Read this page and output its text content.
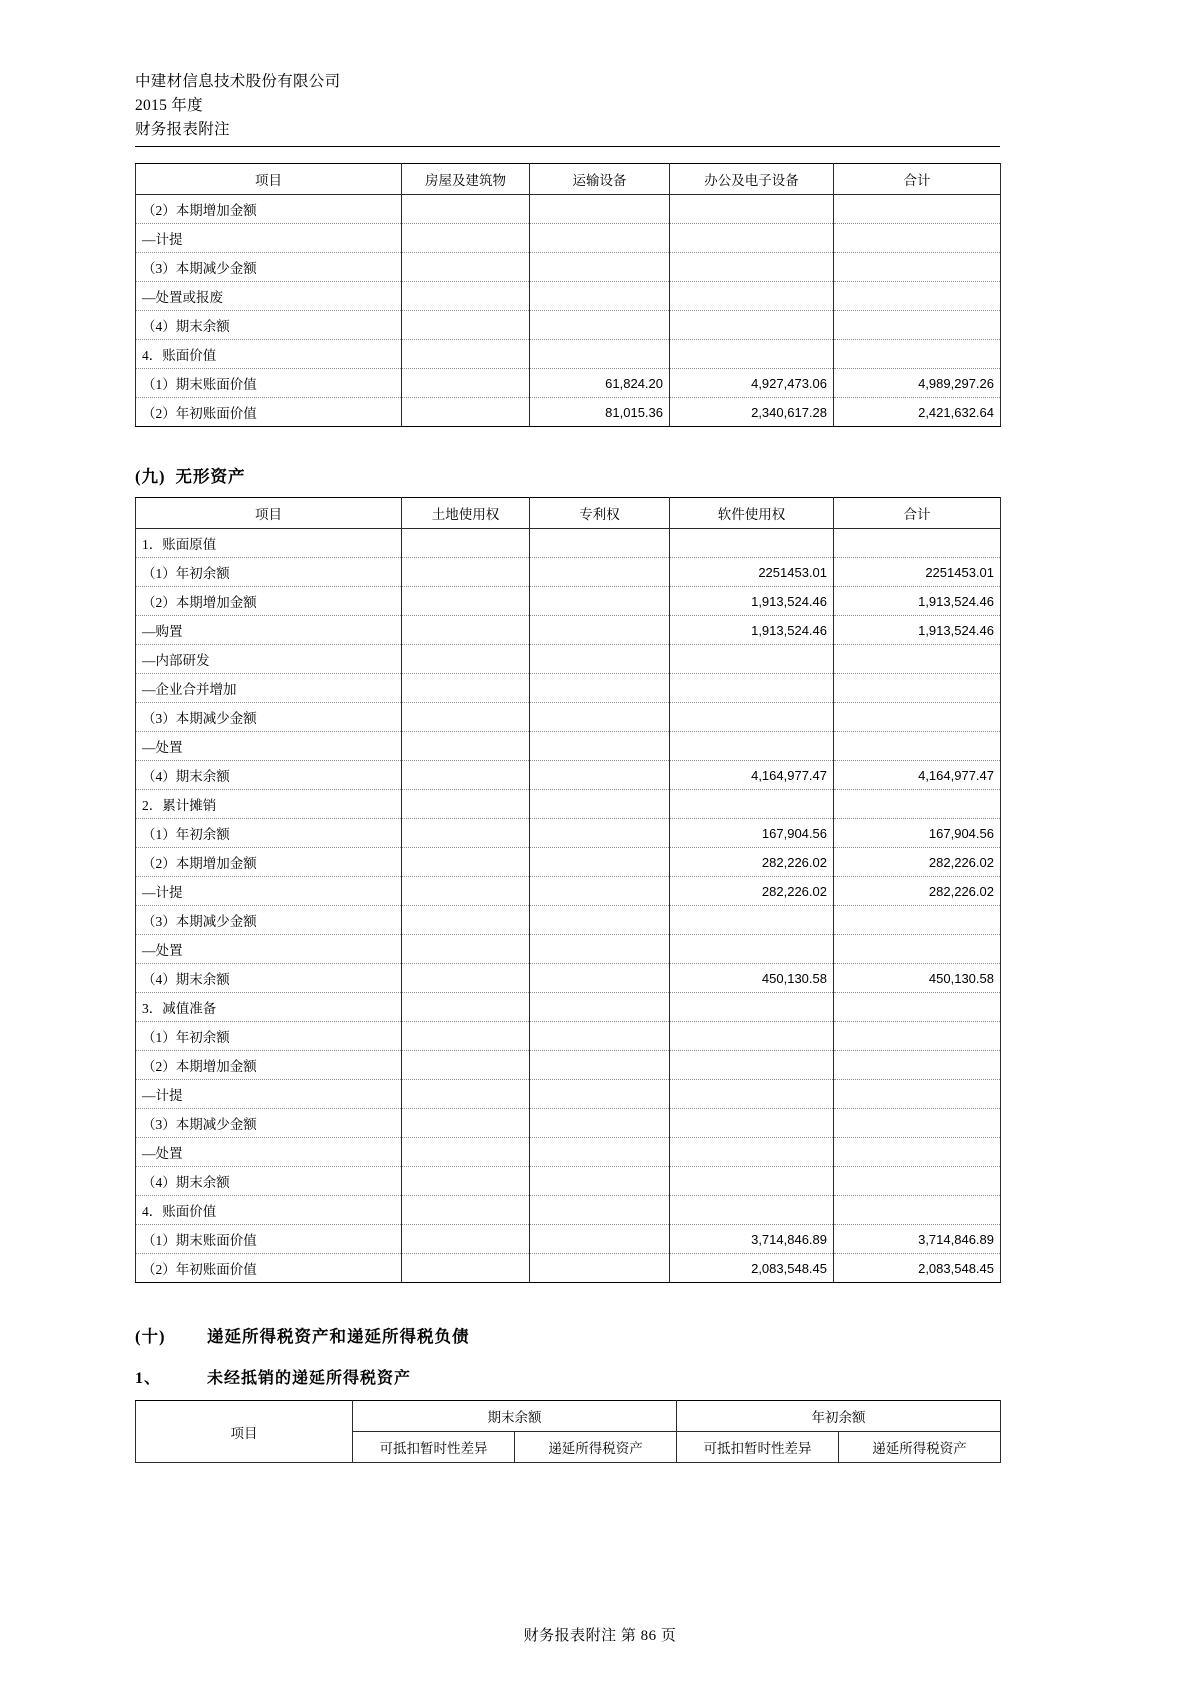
中建材信息技术股份有限公司
2015 年度
财务报表附注
项目	房屋及建筑物	运输设备	办公及电子设备	合计
（2）本期增加金额				
—计提				
（3）本期减少金额				
—处置或报废				
（4）期末余额				
4．账面价值				
（1）期末账面价值		61,824.20	4,927,473.06	4,989,297.26
（2）年初账面价值		81,015.36	2,340,617.28	2,421,632.64
(九) 无形资产
项目	土地使用权	专利权	软件使用权	合计
1．账面原值				
（1）年初余额			2251453.01	2251453.01
（2）本期增加金额			1,913,524.46	1,913,524.46
—购置			1,913,524.46	1,913,524.46
—内部研发				
—企业合并增加				
（3）本期减少金额				
—处置				
（4）期末余额			4,164,977.47	4,164,977.47
2．累计摊销				
（1）年初余额			167,904.56	167,904.56
（2）本期增加金额			282,226.02	282,226.02
—计提			282,226.02	282,226.02
（3）本期减少金额				
—处置				
（4）期末余额			450,130.58	450,130.58
3．减值准备				
（1）年初余额				
（2）本期增加金额				
—计提				
（3）本期减少金额				
—处置				
（4）期末余额				
4．账面价值				
（1）期末账面价值			3,714,846.89	3,714,846.89
（2）年初账面价值			2,083,548.45	2,083,548.45
(十)	递延所得税资产和递延所得税负债
1、	未经抵销的递延所得税资产
项目	期末余额		年初余额	
	可抵扣暂时性差异	递延所得税资产	可抵扣暂时性差异	递延所得税资产
财务报表附注 第 86 页
